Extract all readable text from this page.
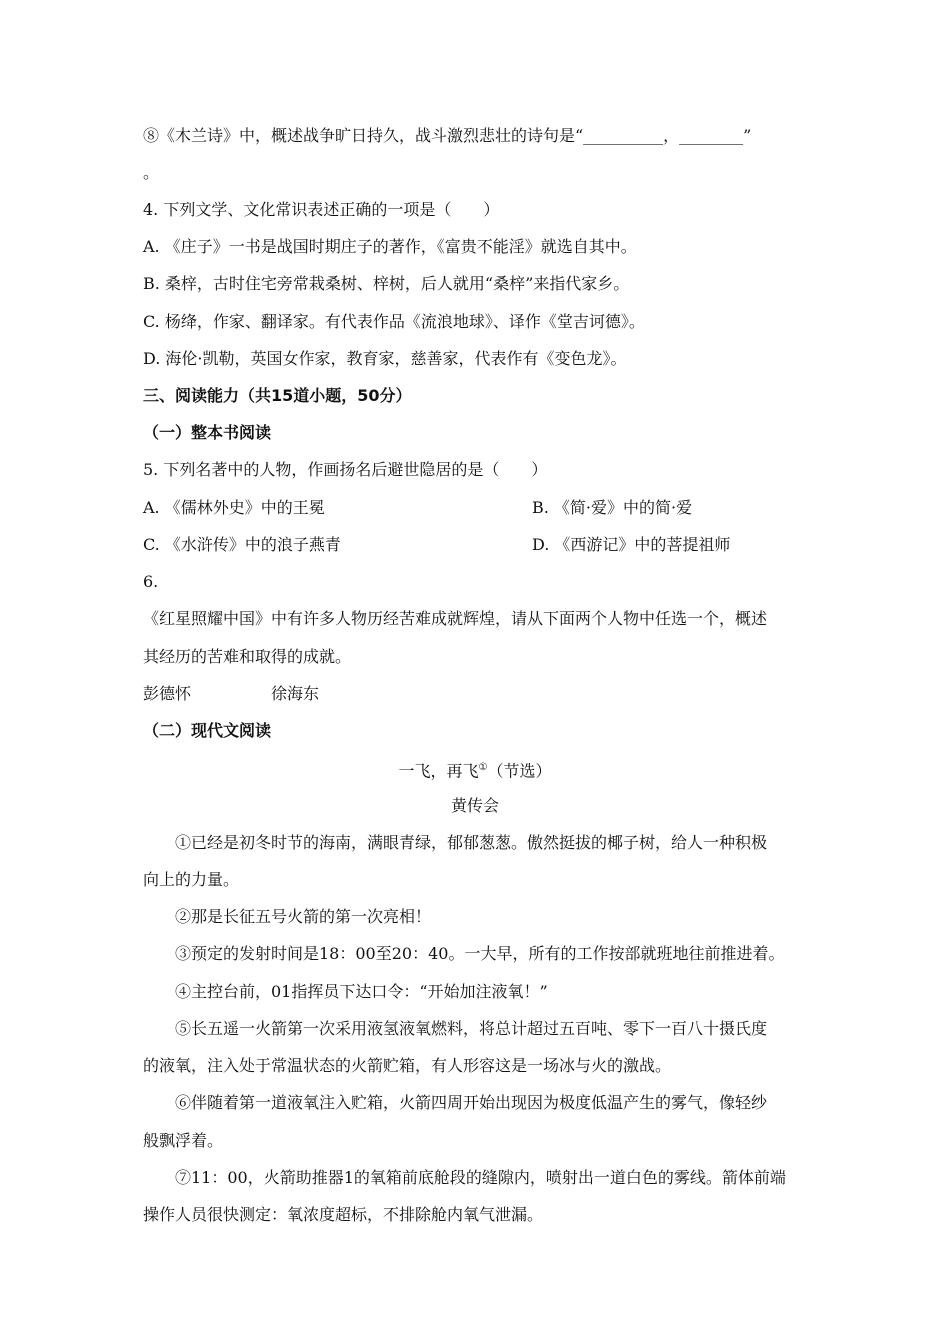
⑧《木兰诗》中，概述战争旷日持久，战斗激烈悲壮的诗句是“__________，________”
。
4. 下列文学、文化常识表述正确的一项是（　　）
A. 《庄子》一书是战国时期庄子的著作，《富贵不能淫》就选自其中。
B. 桑梓，古时住宅旁常栽桑树、梓树，后人就用“桑梓”来指代家乡。
C. 杨绛，作家、翻译家。有代表作品《流浪地球》、译作《堂吉诃德》。
D. 海伦·凯勒，英国女作家，教育家，慈善家，代表作有《变色龙》。
三、阅读能力（共15道小题，50分）
（一）整本书阅读
5. 下列名著中的人物，作画扬名后避世隐居的是（　　）
A. 《儒林外史》中的王冕	B. 《简·爱》中的简·爱
C. 《水浒传》中的浪子燕青	D. 《西游记》中的菩提祖师
6.
《红星照耀中国》中有许多人物历经苦难成就辉煌，请从下面两个人物中任选一个，概述
其经历的苦难和取得的成就。
彭德怀	徐海东
（二）现代文阅读
一飞，再飞①（节选）
黄传会
①已经是初冬时节的海南，满眼青绿，郁郁葱葱。傲然挺拔的椰子树，给人一种积极
向上的力量。
②那是长征五号火箭的第一次亮相！
③预定的发射时间是18：00至20：40。一大早，所有的工作按部就班地往前推进着。
④主控台前，01指挥员下达口令：“开始加注液氧！”
⑤长五遥一火箭第一次采用液氢液氧燃料，将总计超过五百吨、零下一百八十摄氏度
的液氧，注入处于常温状态的火箭贮箱，有人形容这是一场冰与火的激战。
⑥伴随着第一道液氧注入贮箱，火箭四周开始出现因为极度低温产生的雾气，像轻纱
般飘浮着。
⑦11：00，火箭助推器1的氧箱前底舱段的缝隙内，喷射出一道白色的雾线。箭体前端
操作人员很快测定：氧浓度超标，不排除舱内氧气泄漏。
